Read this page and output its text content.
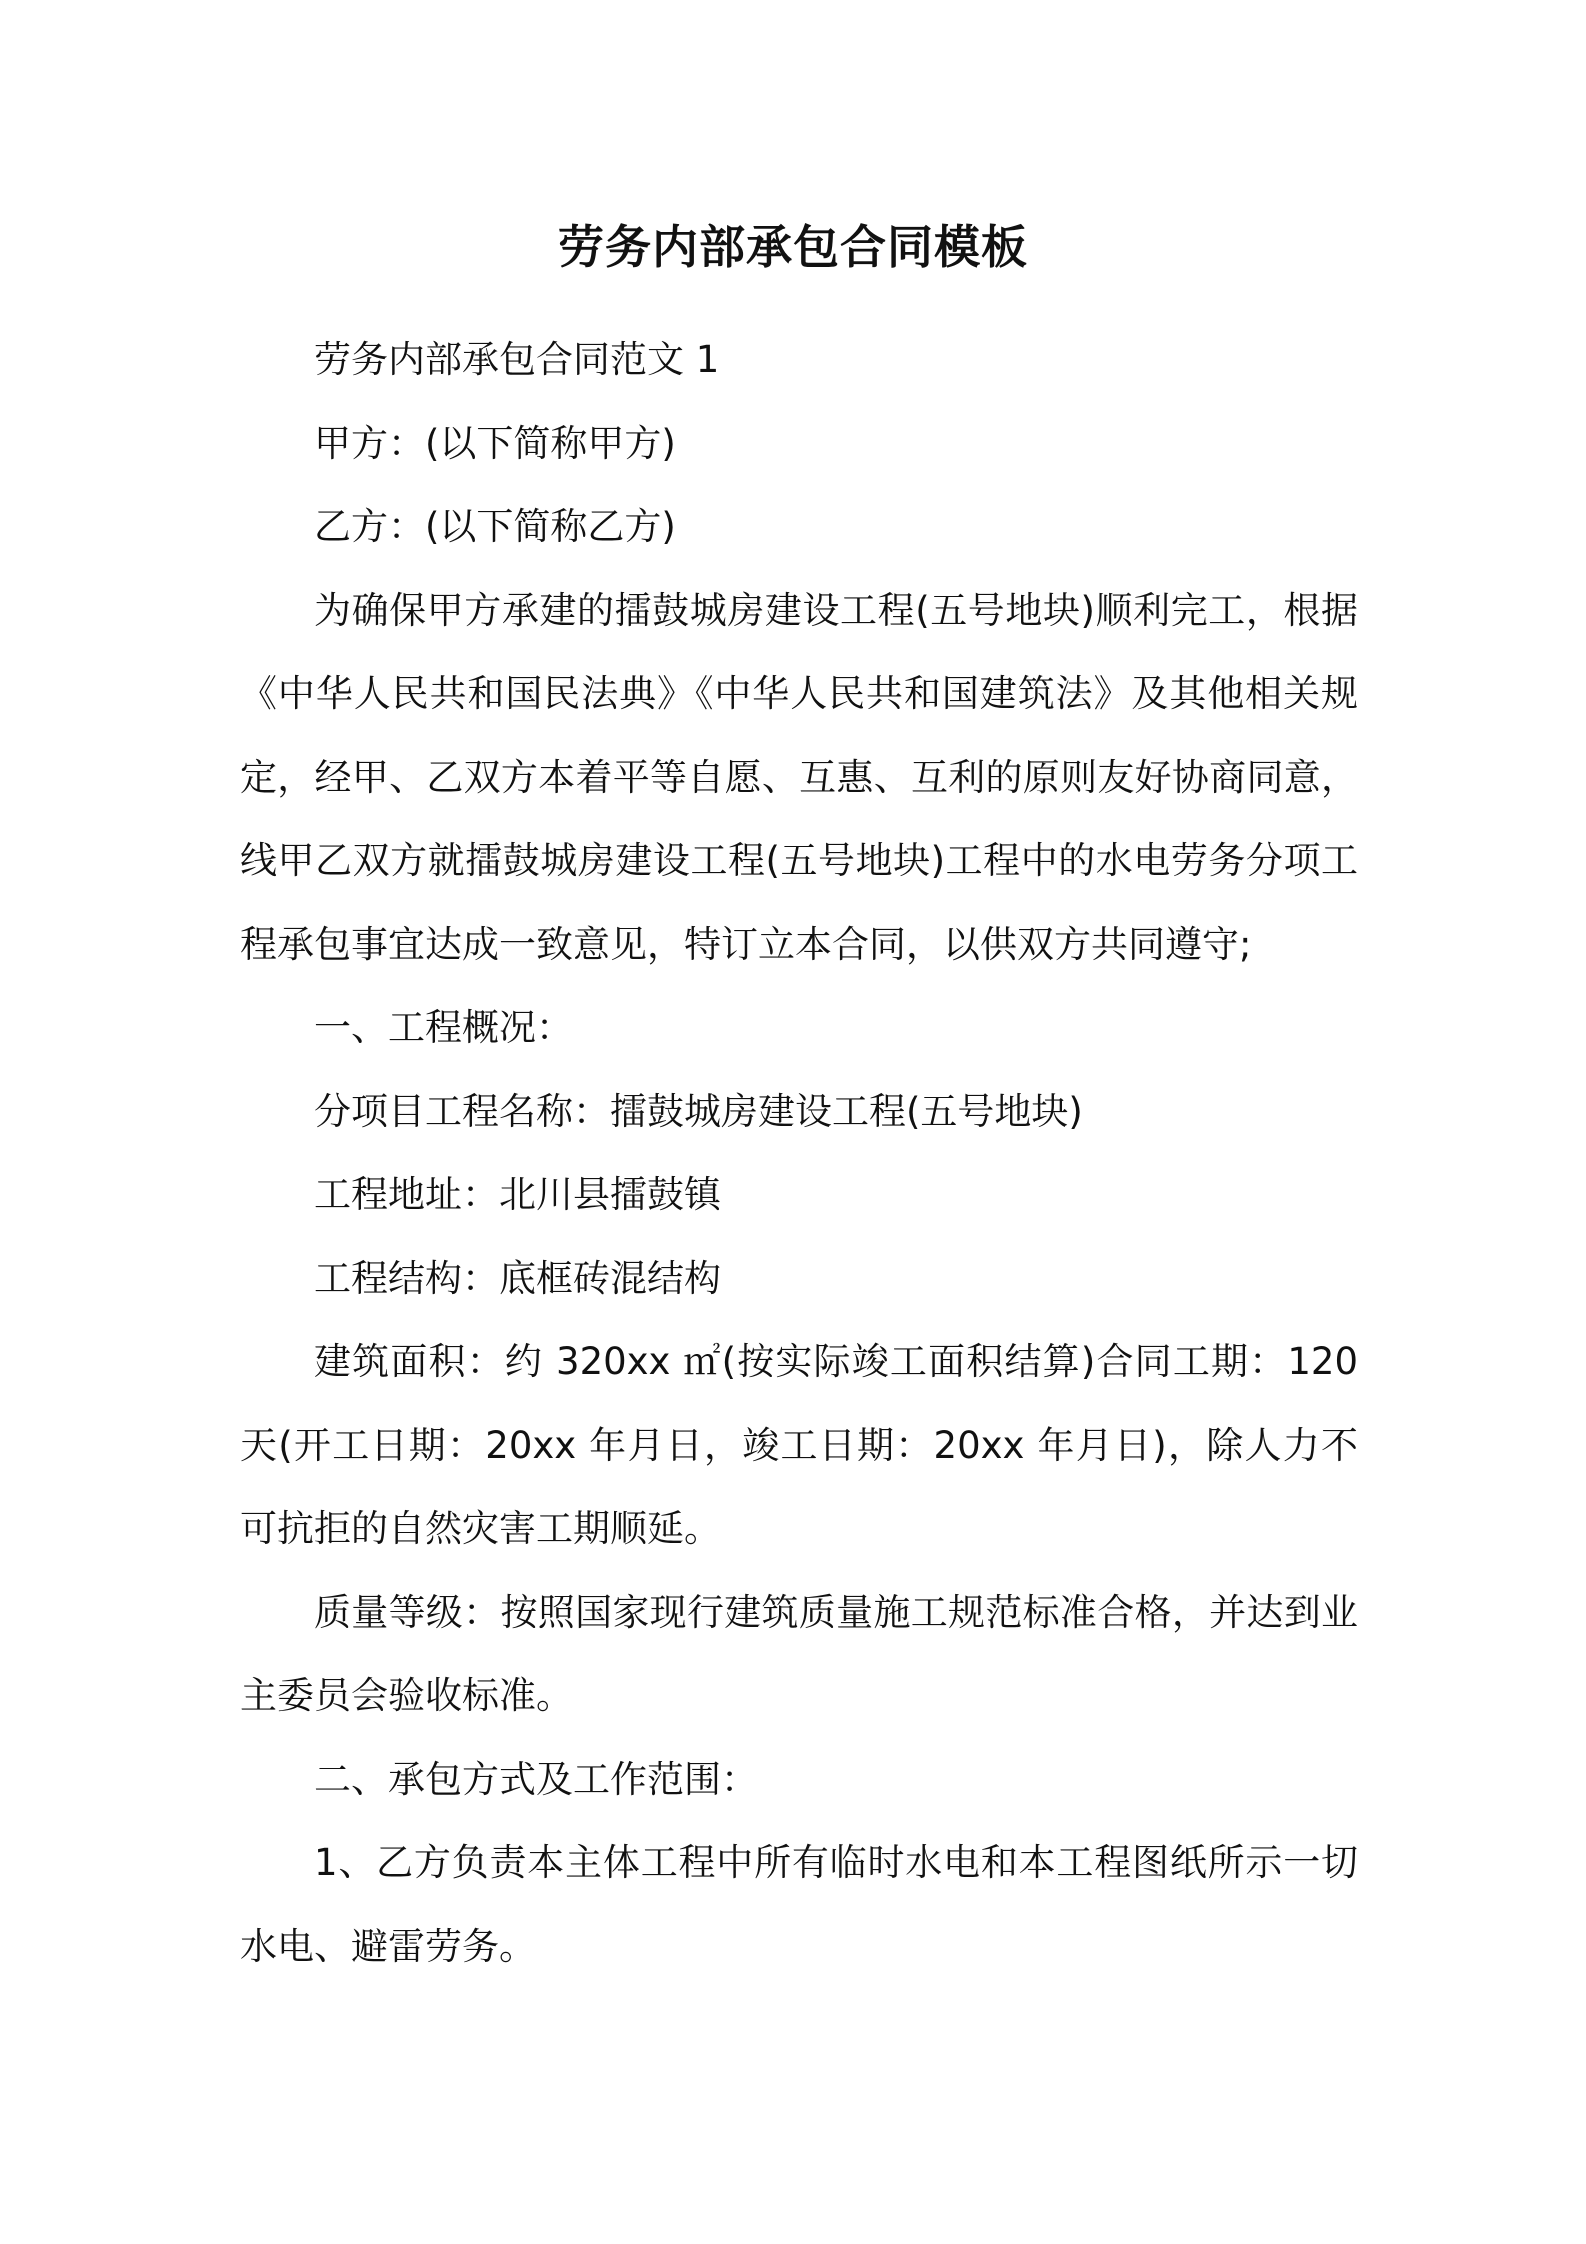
劳务内部承包合同模板

劳务内部承包合同范文 1

甲方：(以下简称甲方)

乙方：(以下简称乙方)

为确保甲方承建的擂鼓城房建设工程(五号地块)顺利完工，根据《中华人民共和国民法典》《中华人民共和国建筑法》及其他相关规定，经甲、乙双方本着平等自愿、互惠、互利的原则友好协商同意，线甲乙双方就擂鼓城房建设工程(五号地块)工程中的水电劳务分项工程承包事宜达成一致意见，特订立本合同，以供双方共同遵守;

一、工程概况：

分项目工程名称：擂鼓城房建设工程(五号地块)

工程地址：北川县擂鼓镇

工程结构：底框砖混结构

建筑面积：约 320xx ㎡(按实际竣工面积结算)合同工期：120 天(开工日期：20xx 年月日，竣工日期：20xx 年月日)，除人力不可抗拒的自然灾害工期顺延。

质量等级：按照国家现行建筑质量施工规范标准合格，并达到业主委员会验收标准。

二、承包方式及工作范围：

1、乙方负责本主体工程中所有临时水电和本工程图纸所示一切水电、避雷劳务。
